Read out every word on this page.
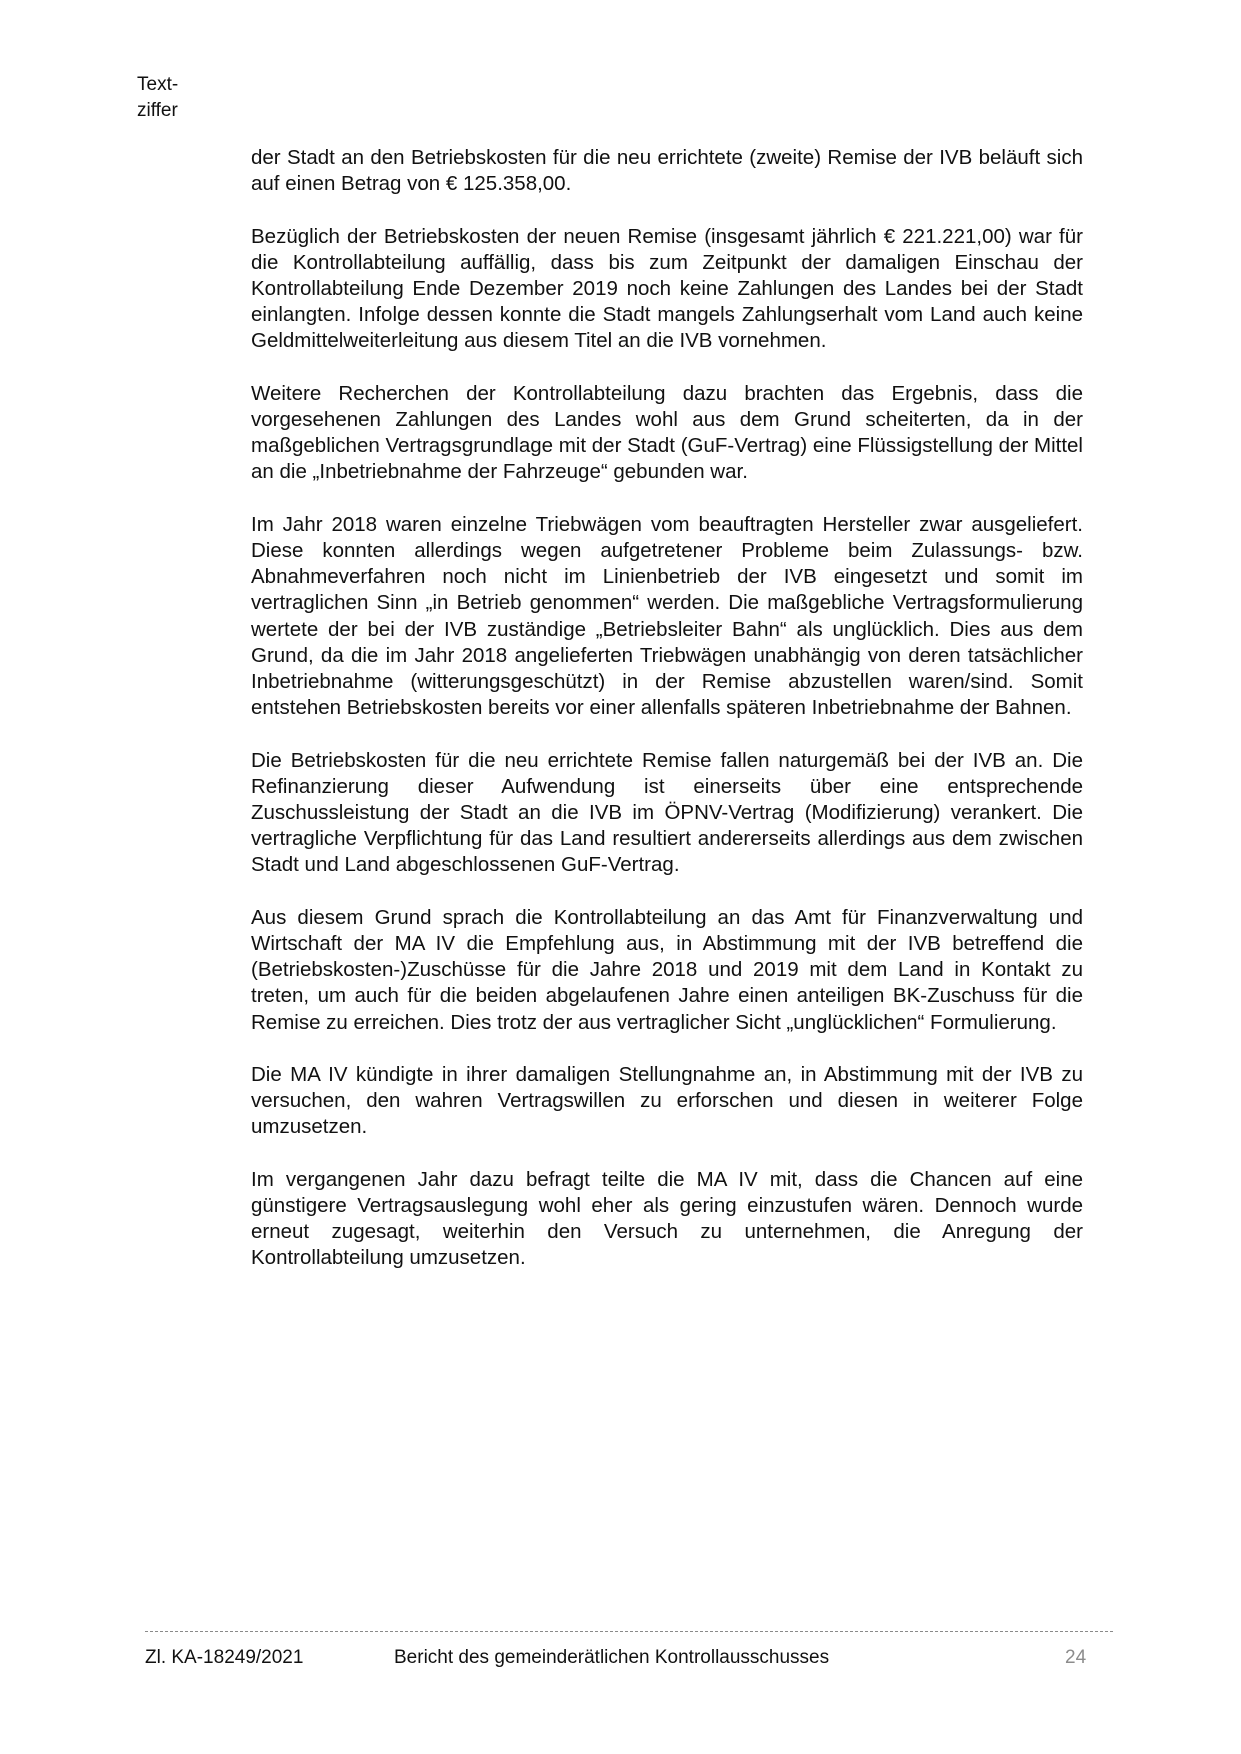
Text-
ziffer

der Stadt an den Betriebskosten für die neu errichtete (zweite) Remise der IVB beläuft sich auf einen Betrag von € 125.358,00.

Bezüglich der Betriebskosten der neuen Remise (insgesamt jährlich € 221.221,00) war für die Kontrollabteilung auffällig, dass bis zum Zeitpunkt der damaligen Einschau der Kontrollabteilung Ende Dezember 2019 noch keine Zahlungen des Landes bei der Stadt einlangten. Infolge dessen konnte die Stadt mangels Zahlungserhalt vom Land auch keine Geldmittelweiterleitung aus diesem Titel an die IVB vornehmen.

Weitere Recherchen der Kontrollabteilung dazu brachten das Ergebnis, dass die vorgesehenen Zahlungen des Landes wohl aus dem Grund scheiterten, da in der maßgeblichen Vertragsgrundlage mit der Stadt (GuF-Vertrag) eine Flüssigstellung der Mittel an die „Inbetriebnahme der Fahrzeuge“ gebunden war.

Im Jahr 2018 waren einzelne Triebwägen vom beauftragten Hersteller zwar ausgeliefert. Diese konnten allerdings wegen aufgetretener Probleme beim Zulassungs- bzw. Abnahmeverfahren noch nicht im Linienbetrieb der IVB eingesetzt und somit im vertraglichen Sinn „in Betrieb genommen“ werden. Die maßgebliche Vertragsformulierung wertete der bei der IVB zuständige „Betriebsleiter Bahn“ als unglücklich. Dies aus dem Grund, da die im Jahr 2018 angelieferten Triebwägen unabhängig von deren tatsächlicher Inbetriebnahme (witterungsgeschützt) in der Remise abzustellen waren/sind. Somit entstehen Betriebskosten bereits vor einer allenfalls späteren Inbetriebnahme der Bahnen.

Die Betriebskosten für die neu errichtete Remise fallen naturgemäß bei der IVB an. Die Refinanzierung dieser Aufwendung ist einerseits über eine entsprechende Zuschussleistung der Stadt an die IVB im ÖPNV-Vertrag (Modifizierung) verankert. Die vertragliche Verpflichtung für das Land resultiert andererseits allerdings aus dem zwischen Stadt und Land abgeschlossenen GuF-Vertrag.

Aus diesem Grund sprach die Kontrollabteilung an das Amt für Finanzverwaltung und Wirtschaft der MA IV die Empfehlung aus, in Abstimmung mit der IVB betreffend die (Betriebskosten-)Zuschüsse für die Jahre 2018 und 2019 mit dem Land in Kontakt zu treten, um auch für die beiden abgelaufenen Jahre einen anteiligen BK-Zuschuss für die Remise zu erreichen. Dies trotz der aus vertraglicher Sicht „unglücklichen“ Formulierung.

Die MA IV kündigte in ihrer damaligen Stellungnahme an, in Abstimmung mit der IVB zu versuchen, den wahren Vertragswillen zu erforschen und diesen in weiterer Folge umzusetzen.

Im vergangenen Jahr dazu befragt teilte die MA IV mit, dass die Chancen auf eine günstigere Vertragsauslegung wohl eher als gering einzustufen wären. Dennoch wurde erneut zugesagt, weiterhin den Versuch zu unternehmen, die Anregung der Kontrollabteilung umzusetzen.

Zl. KA-18249/2021	Bericht des gemeinderätlichen Kontrollausschusses	24
